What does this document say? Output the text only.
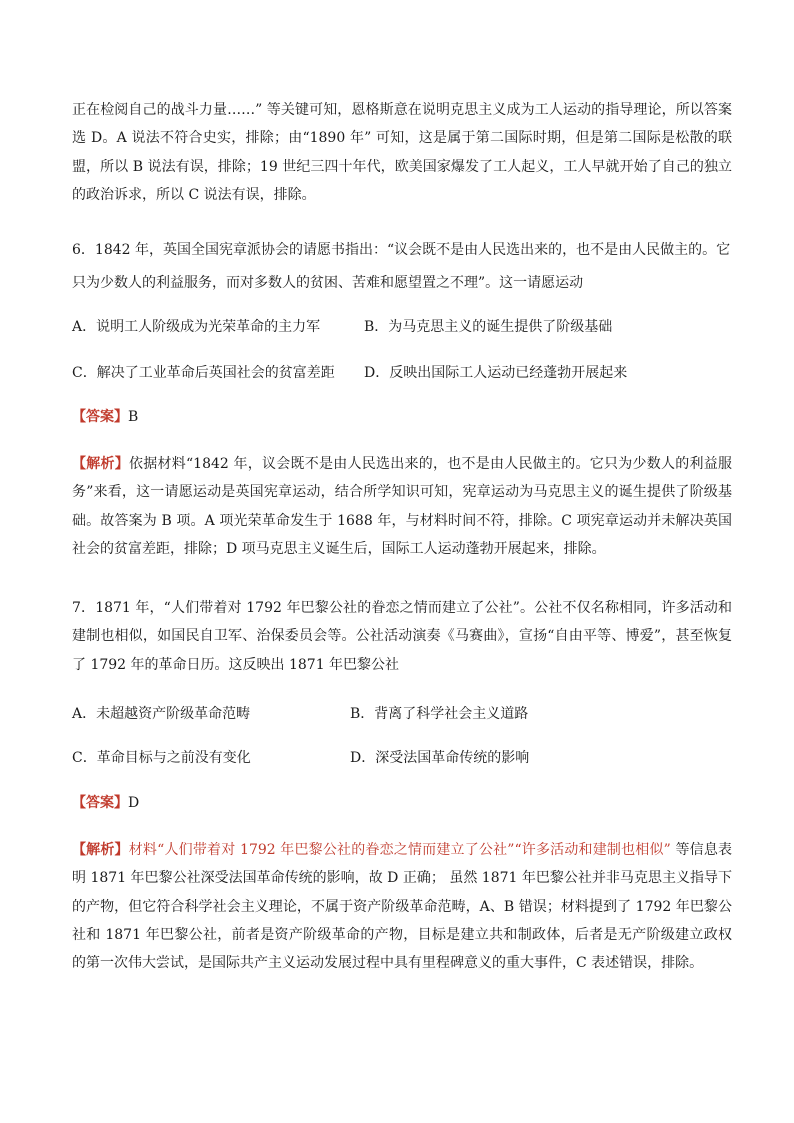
正在检阅自己的战斗力量……” 等关键可知，恩格斯意在说明克思主义成为工人运动的指导理论，所以答案选 D。A 说法不符合史实，排除；由“1890 年” 可知，这是属于第二国际时期，但是第二国际是松散的联盟，所以 B 说法有误，排除；19 世纪三四十年代，欧美国家爆发了工人起义，工人早就开始了自己的独立的政治诉求，所以 C 说法有误，排除。
6．1842 年，英国全国宪章派协会的请愿书指出：“议会既不是由人民选出来的，也不是由人民做主的。它
只为少数人的利益服务，而对多数人的贫困、苦难和愿望置之不理”。这一请愿运动
A．说明工人阶级成为光荣革命的主力军	B．为马克思主义的诞生提供了阶级基础
C．解决了工业革命后英国社会的贫富差距 D．反映出国际工人运动已经蓬勃开展起来
【答案】B
【解析】依据材料“1842 年，议会既不是由人民选出来的，也不是由人民做主的。它只为少数人的利益服务”来看，这一请愿运动是英国宪章运动，结合所学知识可知，宪章运动为马克思主义的诞生提供了阶级基础。故答案为 B 项。A 项光荣革命发生于 1688 年，与材料时间不符，排除。C 项宪章运动并未解决英国社会的贫富差距，排除；D 项马克思主义诞生后，国际工人运动蓬勃开展起来，排除。
7．1871 年，“人们带着对 1792 年巴黎公社的眷恋之情而建立了公社”。公社不仅名称相同，许多活动和建制也相似，如国民自卫军、治保委员会等。公社活动演奏《马赛曲》，宣扬“自由平等、博爱”，甚至恢复了 1792 年的革命日历。这反映出 1871 年巴黎公社
A．未超越资产阶级革命范畴	B．背离了科学社会主义道路
C．革命目标与之前没有变化	D．深受法国革命传统的影响
【答案】D
【解析】材料“人们带着对 1792 年巴黎公社的眷恋之情而建立了公社”“许多活动和建制也相似” 等信息表明 1871 年巴黎公社深受法国革命传统的影响，故 D 正确； 虽然 1871 年巴黎公社并非马克思主义指导下的产物，但它符合科学社会主义理论，不属于资产阶级革命范畴，A、B 错误；材料提到了 1792 年巴黎公社和 1871 年巴黎公社，前者是资产阶级革命的产物，目标是建立共和制政体，后者是无产阶级建立政权的第一次伟大尝试，是国际共产主义运动发展过程中具有里程碑意义的重大事件，C 表述错误，排除。
